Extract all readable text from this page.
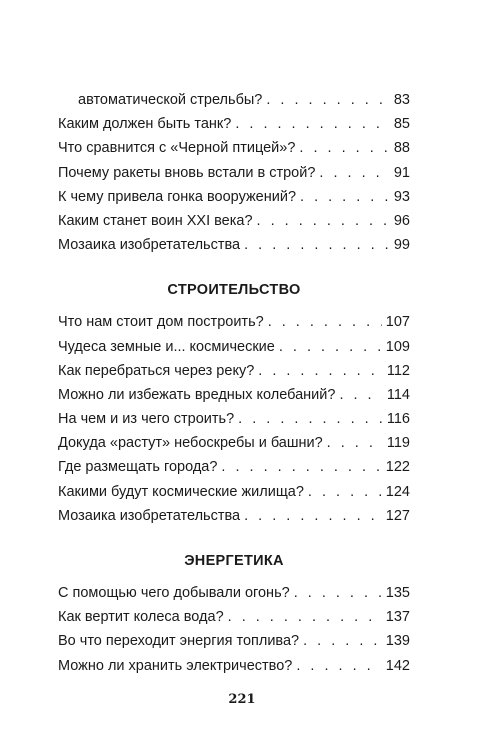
автоматической стрельбы? . . .	83
Каким должен быть танк? . . .	85
Что сравнится с «Черной птицей»? . . .	88
Почему ракеты вновь встали в строй? . . .	91
К чему привела гонка вооружений? . . .	93
Каким станет воин XXI века? . . .	96
Мозаика изобретательства . . .	99
СТРОИТЕЛЬСТВО
Что нам стоит дом построить? . . .	107
Чудеса земные и... космические . . .	109
Как перебраться через реку? . . .	112
Можно ли избежать вредных колебаний? . . .	114
На чем и из чего строить? . . .	116
Докуда «растут» небоскребы и башни? . . .	119
Где размещать города? . . .	122
Какими будут космические жилища? . . .	124
Мозаика изобретательства . . .	127
ЭНЕРГЕТИКА
С помощью чего добывали огонь? . . .	135
Как вертит колеса вода? . . .	137
Во что переходит энергия топлива? . . .	139
Можно ли хранить электричество? . . .	142
221
